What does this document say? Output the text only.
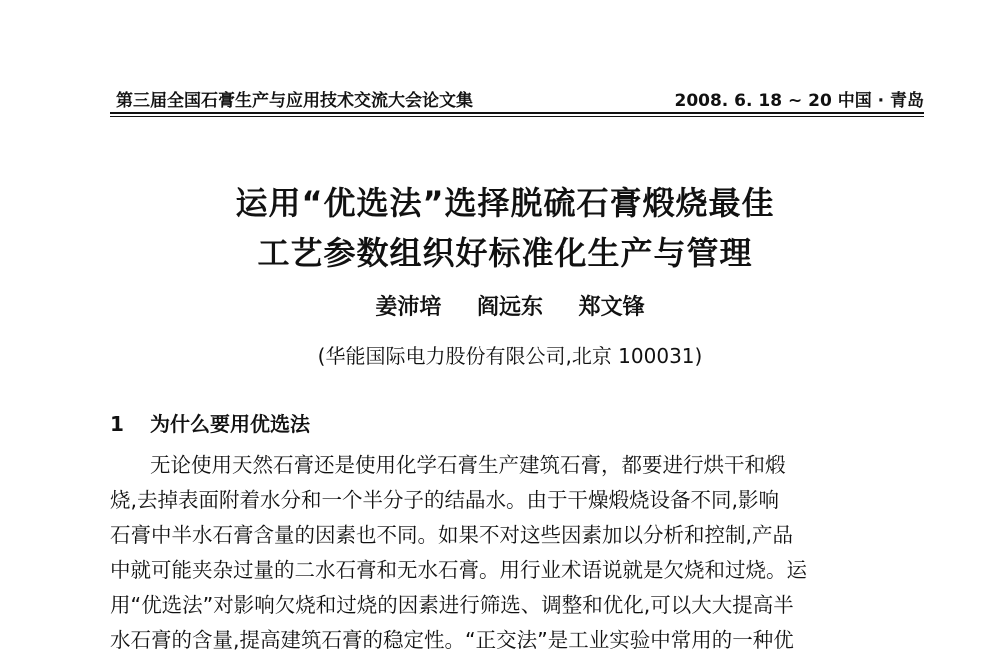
第三届全国石膏生产与应用技术交流大会论文集	2008. 6. 18 ~ 20 中国 · 青岛
运用“优选法”选择脱硫石膏煅烧最佳
工艺参数组织好标准化生产与管理
姜沛培 阎远东 郑文锋
(华能国际电力股份有限公司,北京 100031)
1 为什么要用优选法
无论使用天然石膏还是使用化学石膏生产建筑石膏，都要进行烘干和煅
烧,去掉表面附着水分和一个半分子的结晶水。由于干燥煅烧设备不同,影响
石膏中半水石膏含量的因素也不同。如果不对这些因素加以分析和控制,产品
中就可能夹杂过量的二水石膏和无水石膏。用行业术语说就是欠烧和过烧。运
用“优选法”对影响欠烧和过烧的因素进行筛选、调整和优化,可以大大提高半
水石膏的含量,提高建筑石膏的稳定性。“正交法”是工业实验中常用的一种优
